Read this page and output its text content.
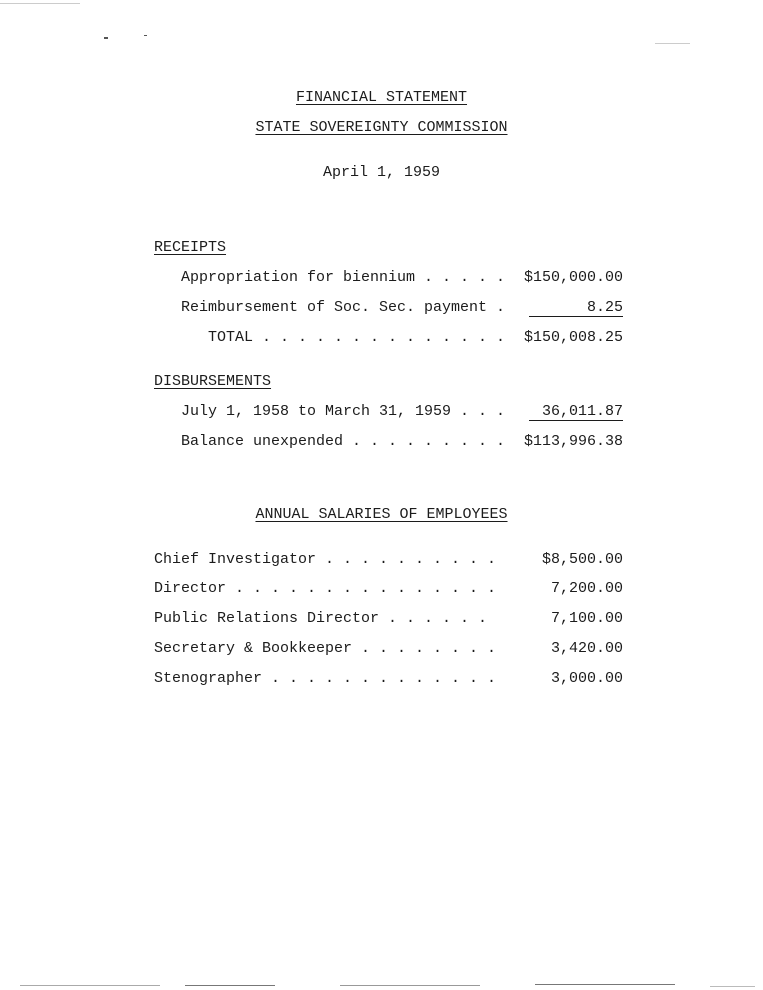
FINANCIAL STATEMENT
STATE SOVEREIGNTY COMMISSION
April 1, 1959
RECEIPTS
Appropriation for biennium . . . . . $150,000.00
Reimbursement of Soc. Sec. payment .	8.25
TOTAL . . . . . . . . . . . . . . $150,008.25
DISBURSEMENTS
July 1, 1958 to March 31, 1959 . . .	36,011.87
Balance unexpended . . . . . . . . . $113,996.38
ANNUAL SALARIES OF EMPLOYEES
Chief Investigator . . . . . . . . . .	$8,500.00
Director . . . . . . . . . . . . . . .	7,200.00
Public Relations Director . . . . . .	7,100.00
Secretary & Bookkeeper . . . . . . . .	3,420.00
Stenographer . . . . . . . . . . . . .	3,000.00
